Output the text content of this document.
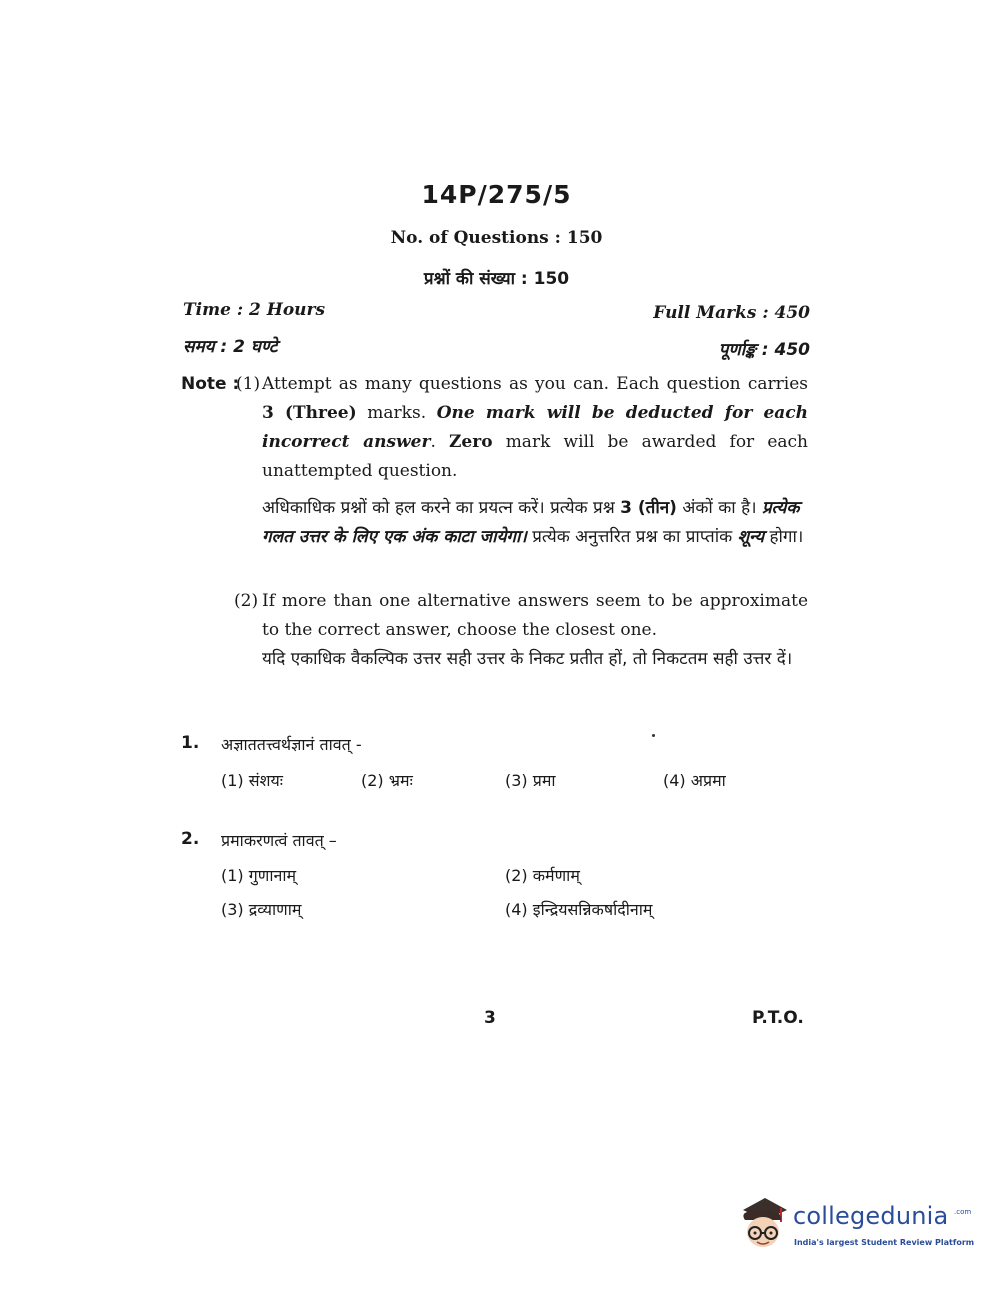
14P/275/5
No. of Questions : 150
प्रश्नों की संख्या : 150
Time : 2 Hours
समय : 2 घण्टे
Full Marks : 450
पूर्णाङ्क : 450
Note :
(1) Attempt as many questions as you can. Each question carries 3 (Three) marks. One mark will be deducted for each incorrect answer. Zero mark will be awarded for each unattempted question.
अधिकाधिक प्रश्नों को हल करने का प्रयत्न करें। प्रत्येक प्रश्न 3 (तीन) अंकों का है। प्रत्येक गलत उत्तर के लिए एक अंक काटा जायेगा। प्रत्येक अनुत्तरित प्रश्न का प्राप्तांक शून्य होगा।
(2) If more than one alternative answers seem to be approximate to the correct answer, choose the closest one.
यदि एकाधिक वैकल्पिक उत्तर सही उत्तर के निकट प्रतीत हों, तो निकटतम सही उत्तर दें।
1. अज्ञाततत्त्वर्थज्ञानं तावत् -
(1) संशयः	(2) भ्रमः	(3) प्रमा	(4) अप्रमा
2. प्रमाकरणत्वं तावत् –
(1) गुणानाम्	(2) कर्मणाम्
(3) द्रव्याणाम्	(4) इन्द्रियसन्निकर्षादीनाम्
3	P.T.O.
collegedunia .com
India's largest Student Review Platform
